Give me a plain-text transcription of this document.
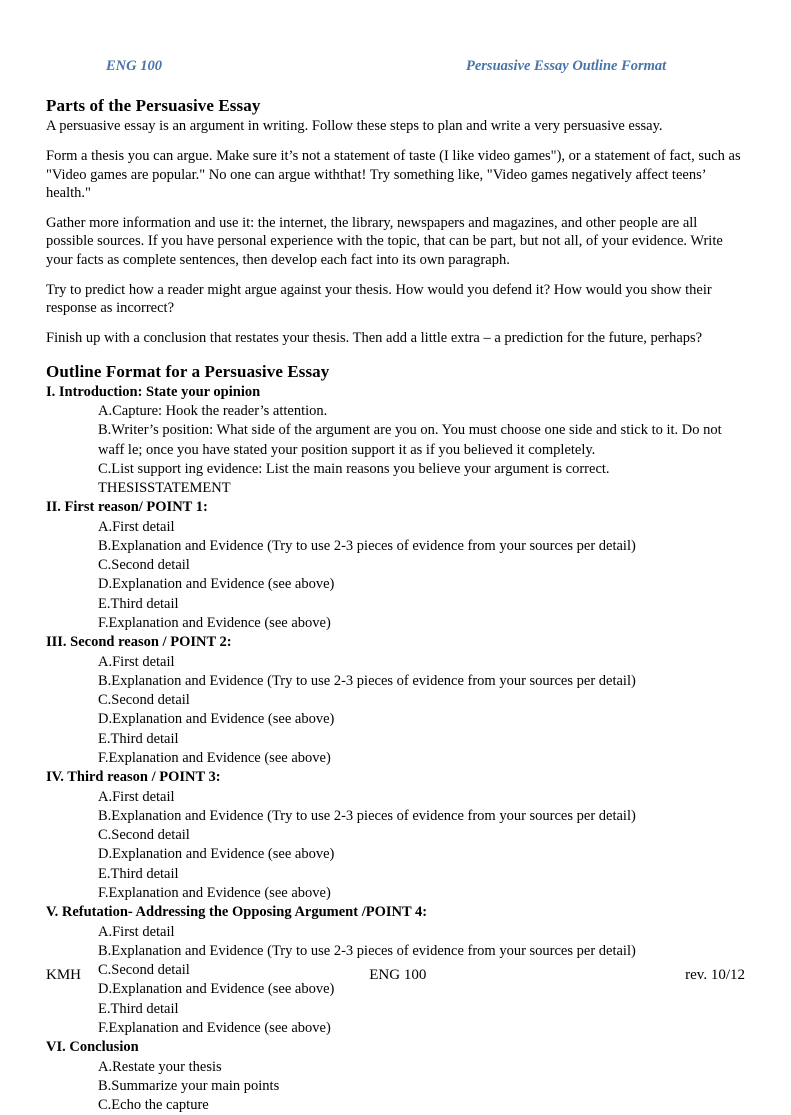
ENG 100	Persuasive Essay Outline Format
Parts of the Persuasive Essay

A persuasive essay is an argument in writing. Follow these steps to plan and write a very persuasive essay.

Form a thesis you can argue. Make sure it’s not a statement of taste (I like video games"), or a statement of fact, such as "Video games are popular." No one can argue withthat! Try something like, "Video games negatively affect teens’ health."

Gather more information and use it: the internet, the library, newspapers and magazines, and other people are all possible sources. If you have personal experience with the topic, that can be part, but not all, of your evidence. Write your facts as complete sentences, then develop each fact into its own paragraph.

Try to predict how a reader might argue against your thesis. How would you defend it? How would you show their response as incorrect?

Finish up with a conclusion that restates your thesis. Then add a little extra – a prediction for the future, perhaps?

Outline Format for a Persuasive Essay
I. Introduction: State your opinion
A.Capture: Hook the reader’s attention.
B.Writer’s position: What side of the argument are you on. You must choose one side and stick to it. Do not waff le; once you have stated your position support it as if you believed it completely.
C.List support ing evidence: List the main reasons you believe your argument is correct. THESISSTATEMENT
II. First reason/ POINT 1:
A.First detail
B.Explanation and Evidence (Try to use 2-3 pieces of evidence from your sources per detail)
C.Second detail
D.Explanation and Evidence (see above)
E.Third detail
F.Explanation and Evidence (see above)
III. Second reason / POINT 2:
A.First detail
B.Explanation and Evidence (Try to use 2-3 pieces of evidence from your sources per detail)
C.Second detail
D.Explanation and Evidence (see above)
E.Third detail
F.Explanation and Evidence (see above)
IV. Third reason / POINT 3:
A.First detail
B.Explanation and Evidence (Try to use 2-3 pieces of evidence from your sources per detail)
C.Second detail
D.Explanation and Evidence (see above)
E.Third detail
F.Explanation and Evidence (see above)
V. Refutation- Addressing the Opposing Argument /POINT 4:
A.First detail
B.Explanation and Evidence (Try to use 2-3 pieces of evidence from your sources per detail)
C.Second detail
D.Explanation and Evidence (see above)
E.Third detail
F.Explanation and Evidence (see above)
VI. Conclusion
A.Restate your thesis
B.Summarize your main points
C.Echo the capture
KMH	ENG 100	rev. 10/12
